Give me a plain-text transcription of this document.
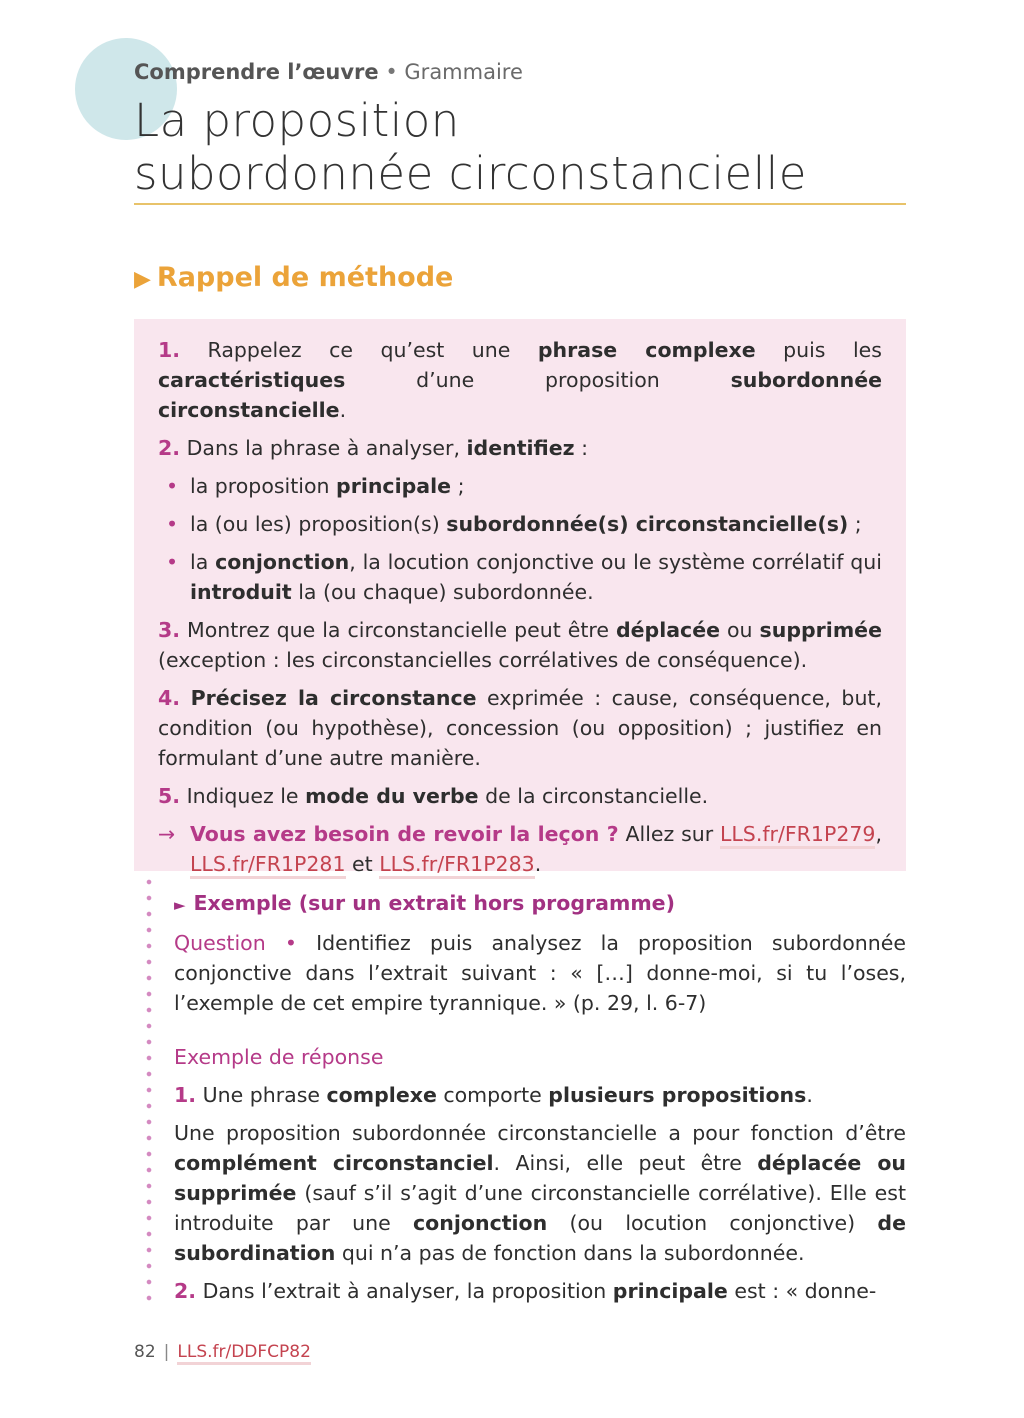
Comprendre l’œuvre • Grammaire
La proposition
subordonnée circonstancielle
▶ Rappel de méthode

1. Rappelez ce qu’est une phrase complexe puis les caractéristiques d’une proposition subordonnée circonstancielle.

2. Dans la phrase à analyser, identifiez :

• la proposition principale ;

• la (ou les) proposition(s) subordonnée(s) circonstancielle(s) ;

• la conjonction, la locution conjonctive ou le système corrélatif qui introduit la (ou chaque) subordonnée.

3. Montrez que la circonstancielle peut être déplacée ou supprimée (exception : les circonstancielles corrélatives de conséquence).

4. Précisez la circonstance exprimée : cause, conséquence, but, condition (ou hypothèse), concession (ou opposition) ; justifiez en formulant d’une autre manière.

5. Indiquez le mode du verbe de la circonstancielle.

→ Vous avez besoin de revoir la leçon ? Allez sur LLS.fr/FR1P279, LLS.fr/FR1P281 et LLS.fr/FR1P283.

► Exemple (sur un extrait hors programme)

Question • Identifiez puis analysez la proposition subordonnée conjonctive dans l’extrait suivant : « […] donne-moi, si tu l’oses, l’exemple de cet empire tyrannique. » (p. 29, l. 6-7)

Exemple de réponse

1. Une phrase complexe comporte plusieurs propositions.

Une proposition subordonnée circonstancielle a pour fonction d’être complément circonstanciel. Ainsi, elle peut être déplacée ou supprimée (sauf s’il s’agit d’une circonstancielle corrélative). Elle est introduite par une conjonction (ou locution conjonctive) de subordination qui n’a pas de fonction dans la subordonnée.

2. Dans l’extrait à analyser, la proposition principale est : « donne-

82 | LLS.fr/DDFCP82
